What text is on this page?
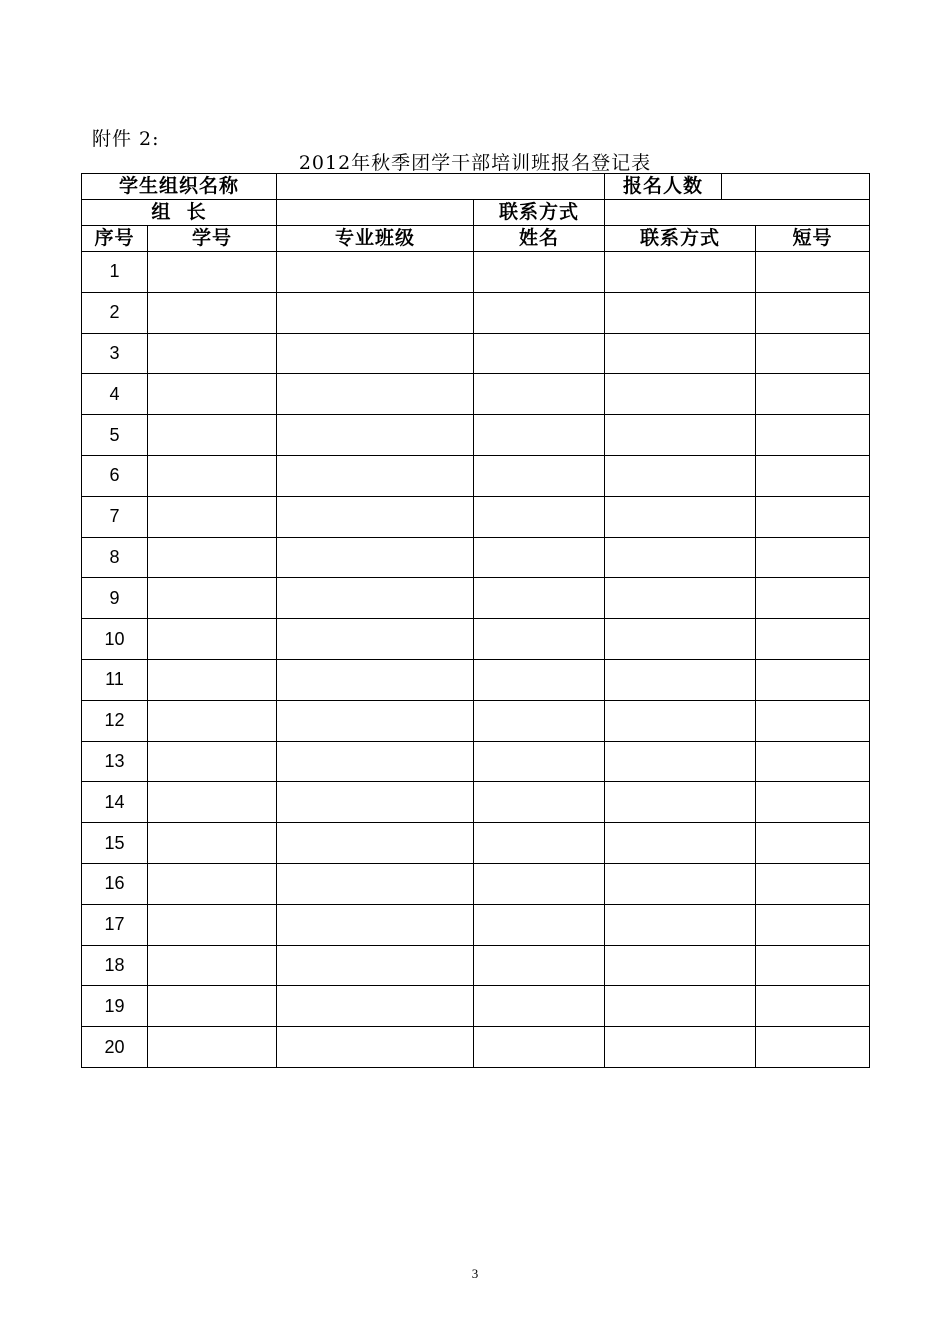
附件 2:
2012年秋季团学干部培训班报名登记表
学生组织名称				报名人数		
组  长			联系方式			
序号	学号	专业班级	姓名	联系方式		短号
1						
2						
3						
4						
5						
6						
7						
8						
9						
10						
11						
12						
13						
14						
15						
16						
17						
18						
19						
20						
3
